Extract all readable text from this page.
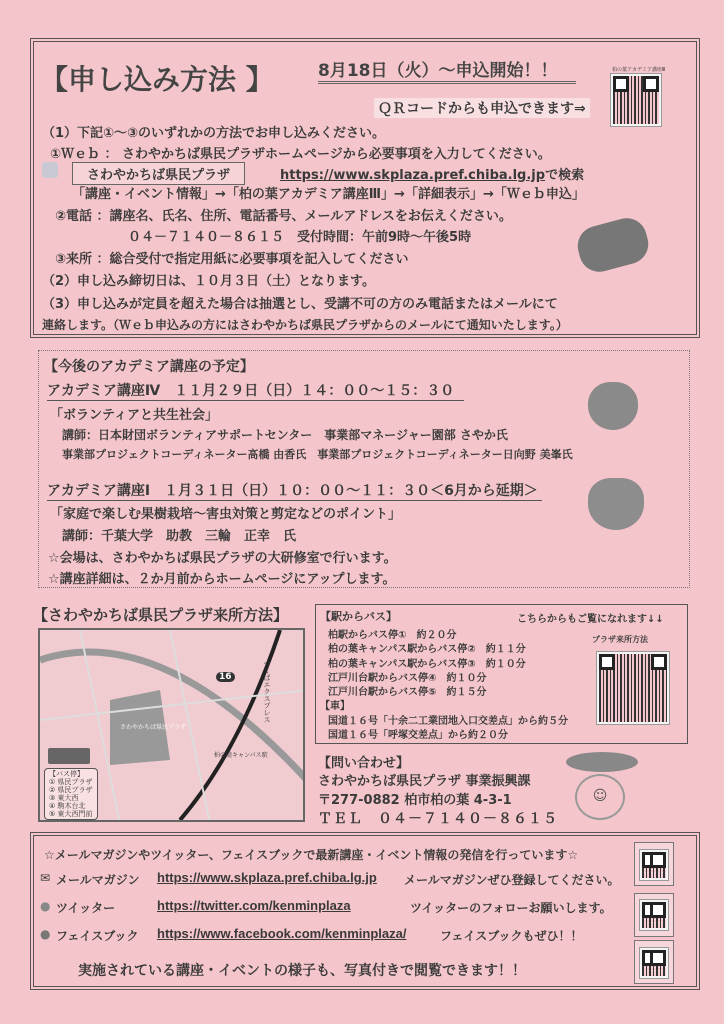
【申し込み方法 】	8月18日（火）～申込開始！！	柏の葉アカデミア講座Ⅲ
ＱＲコードからも申込できます⇒
（1）下記①～③のいずれかの方法でお申し込みください。
①Ｗｅｂ ： さわやかちば県民プラザホームページから必要事項を入力してください。
さわやかちば県民プラザ	https://www.skplaza.pref.chiba.lg.jpで検索
「講座・イベント情報」→「柏の葉アカデミア講座Ⅲ」→「詳細表示」→「Ｗｅｂ申込」
②電話 ：講座名、氏名、住所、電話番号、メールアドレスをお伝えください。
０４－７１４０－８６１５　受付時間：午前9時～午後5時
③来所 ：総合受付で指定用紙に必要事項を記入してください
（2）申し込み締切日は、１０月３日（土）となります。
（3）申し込みが定員を超えた場合は抽選とし、受講不可の方のみ電話またはメールにて
連絡します。（Ｗｅｂ申込みの方にはさわやかちば県民プラザからのメールにて通知いたします。）
【今後のアカデミア講座の予定】
アカデミア講座Ⅳ　１１月２９日（日）１４：００～１５：３０
「ボランティアと共生社会」
講師：日本財団ボランティアサポートセンター　事業部マネージャー園部 さやか氏
事業部プロジェクトコーディネーター髙橋 由香氏　事業部プロジェクトコーディネーター日向野 美峯氏
アカデミア講座Ⅰ　１月３１日（日）１０：００～１１：３０＜6月から延期＞
「家庭で楽しむ果樹栽培～害虫対策と剪定などのポイント」
講師：千葉大学　助教　三輪　正幸　氏
☆会場は、さわやかちば県民プラザの大研修室で行います。
☆講座詳細は、２か月前からホームページにアップします。
【さわやかちば県民プラザ来所方法】
16	つくばエクスプレス
さわやかちば県民プラザ
柏の葉キャンパス駅
【バス停】
① 県民プラザ
② 県民プラザ
③ 東大西
④ 駒木台北
⑤ 東大西門前
【駅からバス】	こちらからもご覧になれます↓↓
プラザ来所方法
柏駅からバス停①　約２０分
柏の葉キャンパス駅からバス停②　約１１分
柏の葉キャンパス駅からバス停③　約１０分
江戸川台駅からバス停④　約１０分
江戸川台駅からバス停⑤　約１５分
【車】
国道１６号「十余二工業団地入口交差点」から約５分
国道１６号「呼塚交差点」から約２０分
【問い合わせ】
さわやかちば県民プラザ 事業振興課
〒277-0882 柏市柏の葉 4-3-1
ＴＥＬ　０４－７１４０－８６１５
☺
☆メールマガジンやツイッター、フェイスブックで最新講座・イベント情報の発信を行っています☆
✉ メールマガジン https://www.skplaza.pref.chiba.lg.jp メールマガジンぜひ登録してください。
● ツイッター	https://twitter.com/kenminplaza	ツイッターのフォローお願いします。
● フェイスブック https://www.facebook.com/kenminplaza/	フェイスブックもぜひ！！
実施されている講座・イベントの様子も、写真付きで閲覧できます！！
